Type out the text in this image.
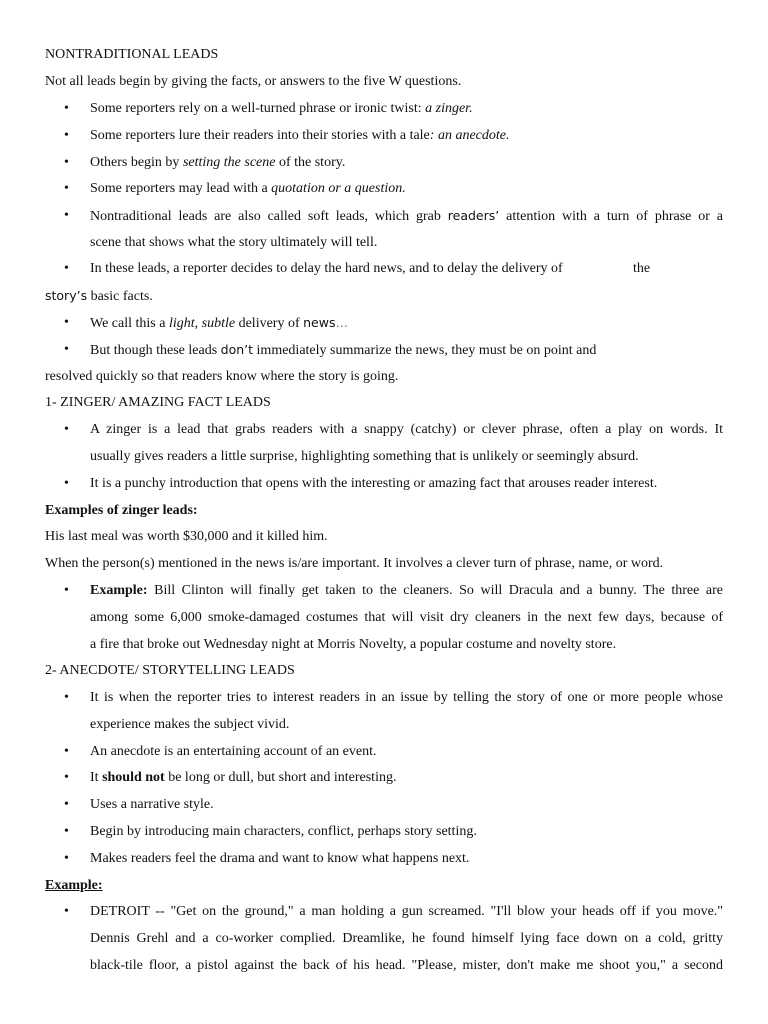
NONTRADITIONAL LEADS
Not all leads begin by giving the facts, or answers to the five W questions.
• Some reporters rely on a well-turned phrase or ironic twist: a zinger.
• Some reporters lure their readers into their stories with a tale: an anecdote.
• Others begin by setting the scene of the story.
• Some reporters may lead with a quotation or a question.
• Nontraditional leads are also called soft leads, which grab readers’ attention with a turn of phrase or a
scene that shows what the story ultimately will tell.
• In these leads, a reporter decides to delay the hard news, and to delay the delivery of	the
story’s basic facts.
• We call this a light, subtle delivery of news…
• But though these leads don’t immediately summarize the news, they must be on point and
resolved quickly so that readers know where the story is going.
1- ZINGER/ AMAZING FACT LEADS
• A zinger is a lead that grabs readers with a snappy (catchy) or clever phrase, often a play on words. It
usually gives readers a little surprise, highlighting something that is unlikely or seemingly absurd.
• It is a punchy introduction that opens with the interesting or amazing fact that arouses reader interest.
Examples of zinger leads:
His last meal was worth $30,000 and it killed him.
When the person(s) mentioned in the news is/are important. It involves a clever turn of phrase, name, or word.
• Example: Bill Clinton will finally get taken to the cleaners. So will Dracula and a bunny. The three are
among some 6,000 smoke-damaged costumes that will visit dry cleaners in the next few days, because of
a fire that broke out Wednesday night at Morris Novelty, a popular costume and novelty store.
2- ANECDOTE/ STORYTELLING LEADS
• It is when the reporter tries to interest readers in an issue by telling the story of one or more people whose
experience makes the subject vivid.
• An anecdote is an entertaining account of an event.
• It should not be long or dull, but short and interesting.
• Uses a narrative style.
• Begin by introducing main characters, conflict, perhaps story setting.
• Makes readers feel the drama and want to know what happens next.
Example:
• DETROIT -- "Get on the ground," a man holding a gun screamed. "I'll blow your heads off if you move."
Dennis Grehl and a co-worker complied. Dreamlike, he found himself lying face down on a cold, gritty
black-tile floor, a pistol against the back of his head. "Please, mister, don't make me shoot you," a second
